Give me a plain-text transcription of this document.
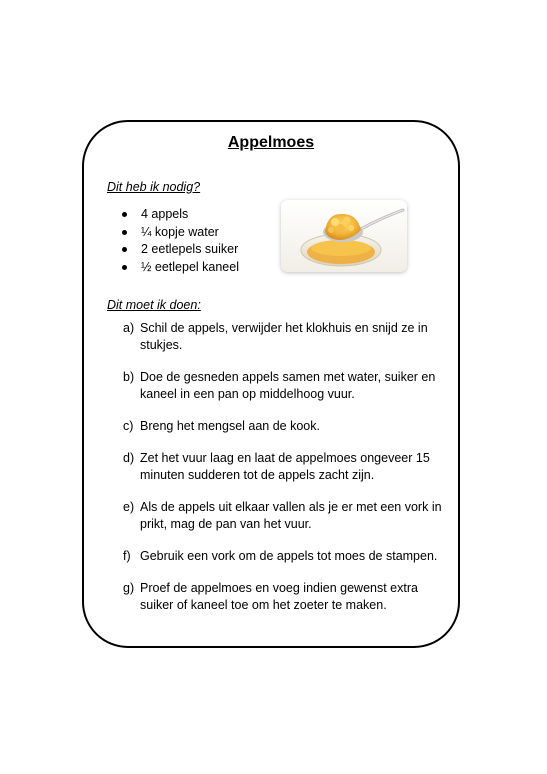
Appelmoes
Dit heb ik nodig?
4 appels
¼ kopje water
2 eetlepels suiker
½ eetlepel kaneel
Dit moet ik doen:
a) Schil de appels, verwijder het klokhuis en snijd ze in stukjes.
b) Doe de gesneden appels samen met water, suiker en kaneel in een pan op middelhoog vuur.
c) Breng het mengsel aan de kook.
d) Zet het vuur laag en laat de appelmoes ongeveer 15 minuten sudderen tot de appels zacht zijn.
e) Als de appels uit elkaar vallen als je er met een vork in prikt, mag de pan van het vuur.
f) Gebruik een vork om de appels tot moes de stampen.
g) Proef de appelmoes en voeg indien gewenst extra suiker of kaneel toe om het zoeter te maken.
